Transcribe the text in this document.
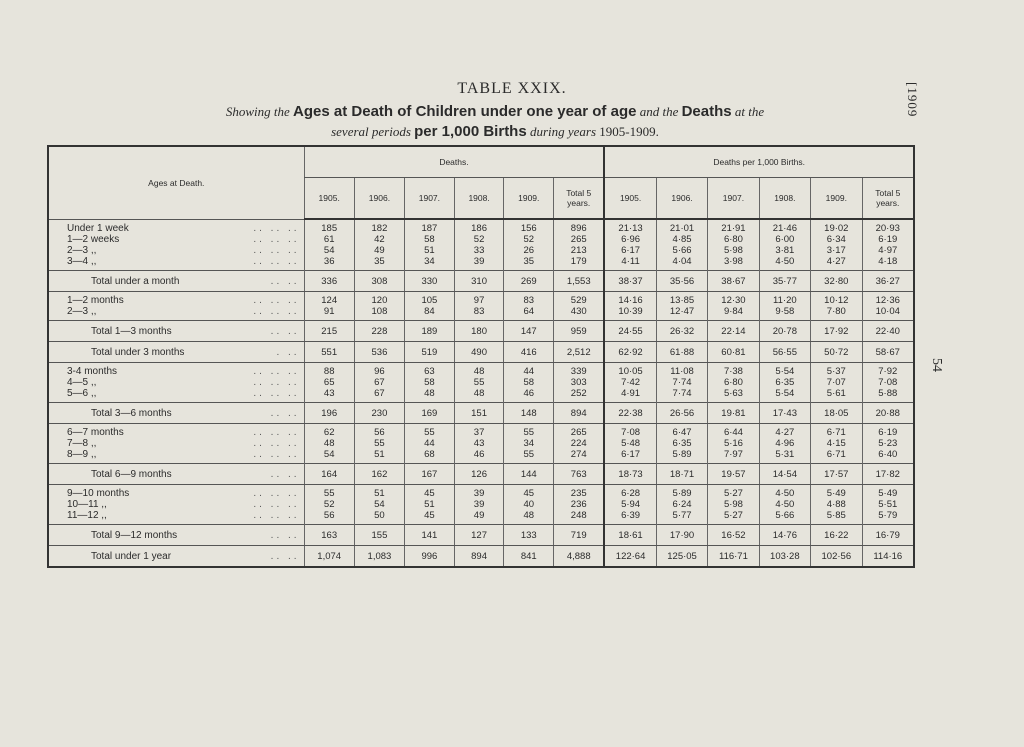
TABLE XXIX.
Showing the Ages at Death of Children under one year of age and the Deaths at the
several periods per 1,000 Births during years 1905-1909.
[1909
54
Ages at Death.	Deaths.						Deaths per 1,000 Births.					
	1905.	1906.	1907.	1908.	1909.	Total 5 years.	1905.	1906.	1907.	1908.	1909.	Total 5 years.

Under 1 week .. .. ..	185	182	187	186	156	896	21·13	21·01	21·91	21·46	19·02	20·93
1—2 weeks .. .. ..	61	42	58	52	52	265	6·96	4·85	6·80	6·00	6·34	6·19
2—3 ,, .. .. ..	54	49	51	33	26	213	6·17	5·66	5·98	3·81	3·17	4·97
3—4 ,, .. .. ..	36	35	34	39	35	179	4·11	4·04	3·98	4·50	4·27	4·18

Total under a month .. ..	336	308	330	310	269	1,553	38·37	35·56	38·67	35·77	32·80	36·27

1—2 months .. .. ..	124	120	105	97	83	529	14·16	13·85	12·30	11·20	10·12	12·36
2—3 ,, .. .. ..	91	108	84	83	64	430	10·39	12·47	9·84	9·58	7·80	10·04

Total 1—3 months .. ..	215	228	189	180	147	959	24·55	26·32	22·14	20·78	17·92	22·40
Total under 3 months . ..	551	536	519	490	416	2,512	62·92	61·88	60·81	56·55	50·72	58·67

3-4 months .. .. ..	88	96	63	48	44	339	10·05	11·08	7·38	5·54	5·37	7·92
4—5 ,, .. .. ..	65	67	58	55	58	303	7·42	7·74	6·80	6·35	7·07	7·08
5—6 ,, .. .. ..	43	67	48	48	46	252	4·91	7·74	5·63	5·54	5·61	5·88

Total 3—6 months .. ..	196	230	169	151	148	894	22·38	26·56	19·81	17·43	18·05	20·88

6—7 months .. .. ..	62	56	55	37	55	265	7·08	6·47	6·44	4·27	6·71	6·19
7—8 ,, .. .. ..	48	55	44	43	34	224	5·48	6·35	5·16	4·96	4·15	5·23
8—9 ,, .. .. ..	54	51	68	46	55	274	6·17	5·89	7·97	5·31	6·71	6·40

Total 6—9 months .. ..	164	162	167	126	144	763	18·73	18·71	19·57	14·54	17·57	17·82

9—10 months .. .. ..	55	51	45	39	45	235	6·28	5·89	5·27	4·50	5·49	5·49
10—11 ,, .. .. ..	52	54	51	39	40	236	5·94	6·24	5·98	4·50	4·88	5·51
11—12 ,, .. .. ..	56	50	45	49	48	248	6·39	5·77	5·27	5·66	5·85	5·79

Total 9—12 months .. ..	163	155	141	127	133	719	18·61	17·90	16·52	14·76	16·22	16·79
Total under 1 year .. ..	1,074	1,083	996	894	841	4,888	122·64	125·05	116·71	103·28	102·56	114·16
